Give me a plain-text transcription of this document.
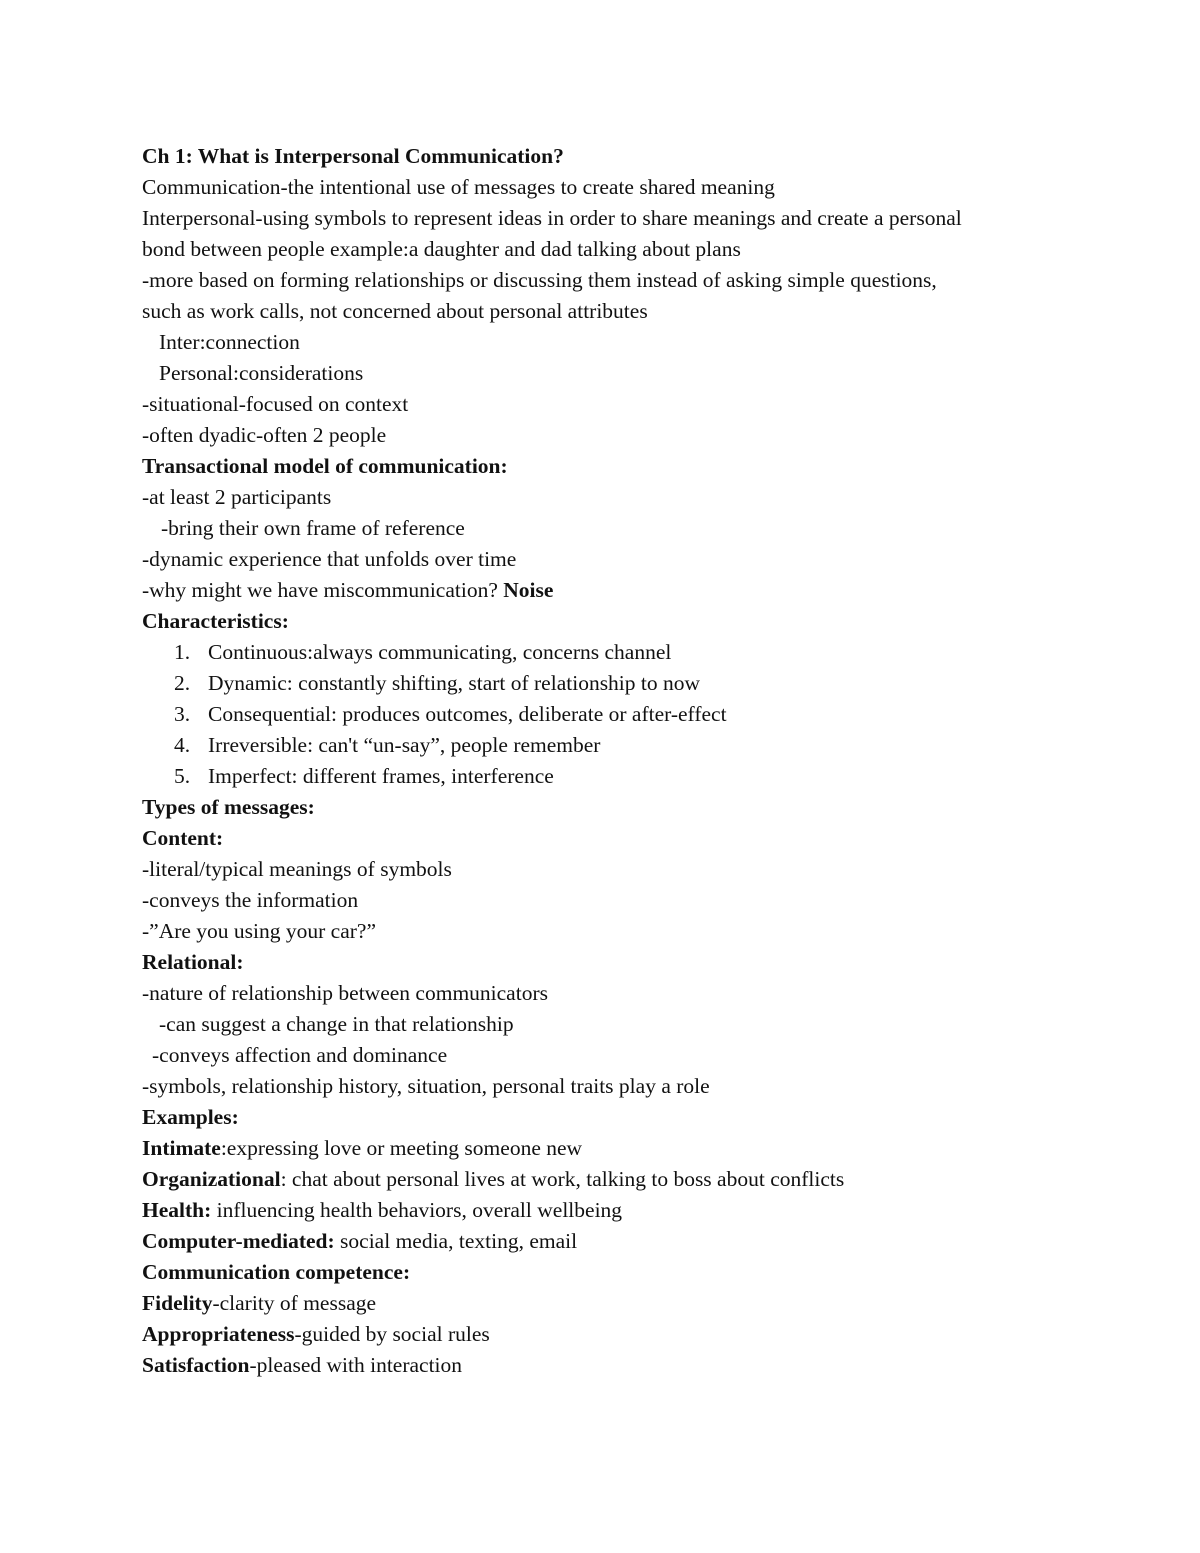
Ch 1: What is Interpersonal Communication?
Communication-the intentional use of messages to create shared meaning
Interpersonal-using symbols to represent ideas in order to share meanings and create a personal
bond between people example:a daughter and dad talking about plans
-more based on forming relationships or discussing them instead of asking simple questions,
such as work calls, not concerned about personal attributes
Inter:connection
Personal:considerations
-situational-focused on context
-often dyadic-often 2 people
Transactional model of communication:
-at least 2 participants
-bring their own frame of reference
-dynamic experience that unfolds over time
-why might we have miscommunication? Noise
Characteristics:
1. Continuous:always communicating, concerns channel
2. Dynamic: constantly shifting, start of relationship to now
3. Consequential: produces outcomes, deliberate or after-effect
4. Irreversible: can't “un-say”, people remember
5. Imperfect: different frames, interference
Types of messages:
Content:
-literal/typical meanings of symbols
-conveys the information
-”Are you using your car?”
Relational:
-nature of relationship between communicators
-can suggest a change in that relationship
-conveys affection and dominance
-symbols, relationship history, situation, personal traits play a role
Examples:
Intimate:expressing love or meeting someone new
Organizational: chat about personal lives at work, talking to boss about conflicts
Health: influencing health behaviors, overall wellbeing
Computer-mediated: social media, texting, email
Communication competence:
Fidelity-clarity of message
Appropriateness-guided by social rules
Satisfaction-pleased with interaction
